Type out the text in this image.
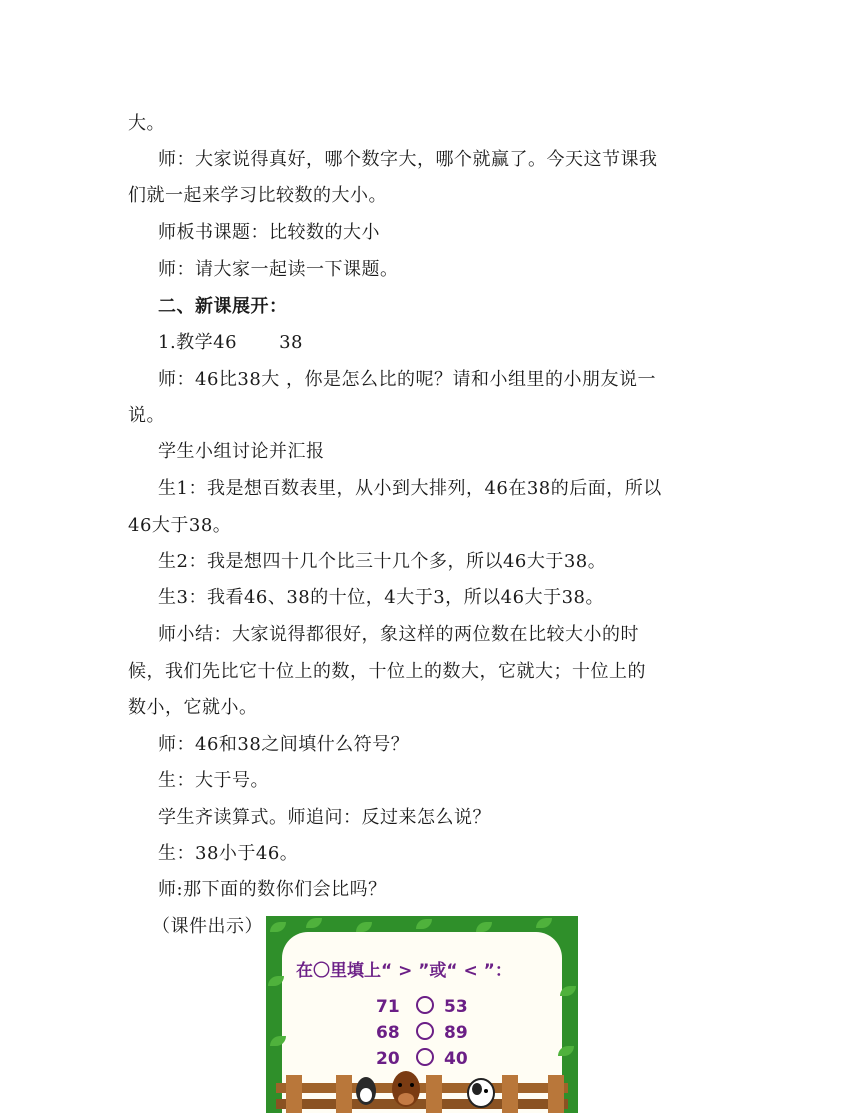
大。
师：大家说得真好，哪个数字大，哪个就赢了。今天这节课我
们就一起来学习比较数的大小。
师板书课题：比较数的大小
师：请大家一起读一下课题。
二、新课展开：
1.教学46 38
师：46比38大 ，你是怎么比的呢？请和小组里的小朋友说一
说。
学生小组讨论并汇报
生1：我是想百数表里，从小到大排列，46在38的后面，所以
46大于38。
生2：我是想四十几个比三十几个多，所以46大于38。
生3：我看46、38的十位，4大于3，所以46大于38。
师小结：大家说得都很好，象这样的两位数在比较大小的时
候，我们先比它十位上的数，十位上的数大，它就大；十位上的
数小，它就小。
师：46和38之间填什么符号？
生：大于号。
学生齐读算式。师追问：反过来怎么说？
生：38小于46。
师:那下面的数你们会比吗？
（课件出示）
在〇里填上“ > ”或“ < ”：
71	53
68	89
20	40
